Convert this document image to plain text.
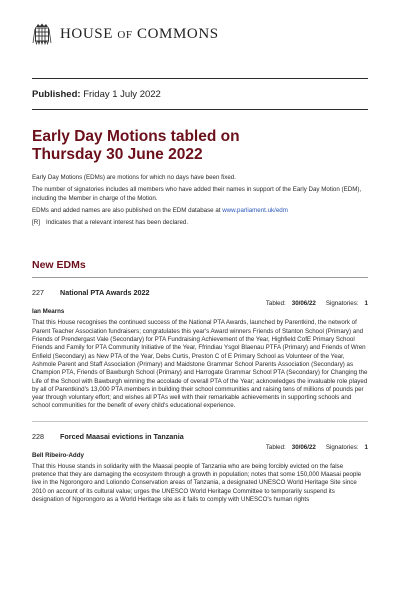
HOUSE OF COMMONS
Published: Friday 1 July 2022
Early Day Motions tabled on
Thursday 30 June 2022

Early Day Motions (EDMs) are motions for which no days have been fixed.

The number of signatories includes all members who have added their names in support of the Early Day Motion (EDM), including the Member in charge of the Motion.

EDMs and added names are also published on the EDM database at www.parliament.uk/edm

[R] Indicates that a relevant interest has been declared.

New EDMs
227	National PTA Awards 2022
Tabled: 30/06/22 Signatories: 1
Ian Mearns

That this House recognises the continued success of the National PTA Awards, launched by Parentkind, the network of Parent Teacher Association fundraisers; congratulates this year's Award winners Friends of Stanton School (Primary) and Friends of Prendergast Vale (Secondary) for PTA Fundraising Achievement of the Year, Highfield CofE Primary School Friends and Family for PTA Community Initiative of the Year, Ffrindiau Ysgol Blaenau PTFA (Primary) and Friends of Wren Enfield (Secondary) as New PTA of the Year, Debs Curtis, Preston C of E Primary School as Volunteer of the Year, Ashmole Parent and Staff Association (Primary) and Maidstone Grammar School Parents Association (Secondary) as Champion PTA, Friends of Bawburgh School (Primary) and Harrogate Grammar School PTA (Secondary) for Changing the Life of the School with Bawburgh winning the accolade of overall PTA of the Year; acknowledges the invaluable role played by all of Parentkind's 13,000 PTA members in building their school communities and raising tens of millions of pounds per year through voluntary effort; and wishes all PTAs well with their remarkable achievements in supporting schools and school communities for the benefit of every child's educational experience.

228	Forced Maasai evictions in Tanzania
Tabled: 30/06/22 Signatories: 1
Bell Ribeiro-Addy

That this House stands in solidarity with the Maasai people of Tanzania who are being forcibly evicted on the false pretence that they are damaging the ecosystem through a growth in population; notes that some 150,000 Maasai people live in the Ngorongoro and Loliondo Conservation areas of Tanzania, a designated UNESCO World Heritage Site since 2010 on account of its cultural value; urges the UNESCO World Heritage Committee to temporarily suspend its designation of Ngorongoro as a World Heritage site as it fails to comply with UNESCO's human rights
